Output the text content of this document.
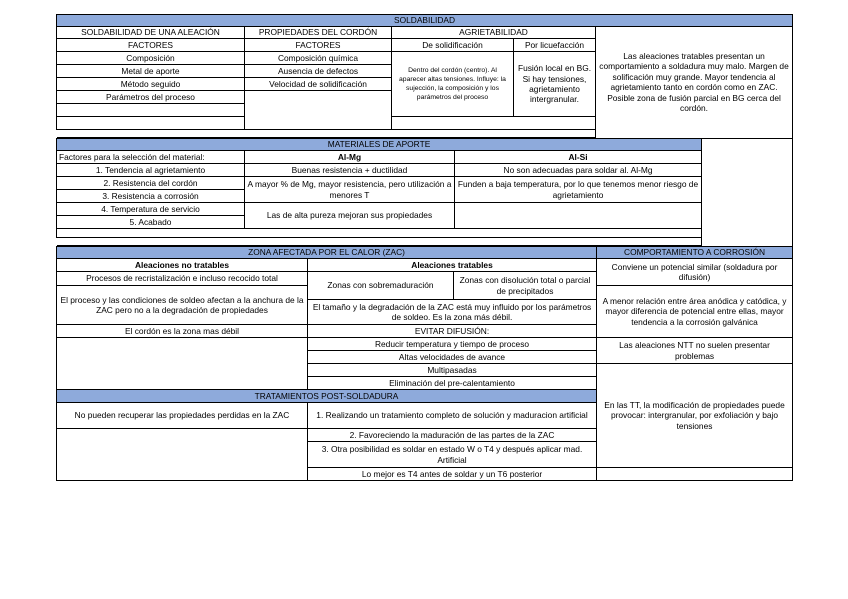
SOLDABILIDAD				
SOLDABILIDAD DE UNA ALEACIÓN	PROPIEDADES DEL CORDÓN	AGRIETABILIDAD		Las aleaciones tratables presentan un comportamiento a soldadura muy malo. Margen de solificación muy grande. Mayor tendencia al agrietamiento tanto en cordón como en ZAC. Posible zona de fusión parcial en BG cerca del cordón.
FACTORES	FACTORES	De solidificación	Por licuefacción	
Composición	Composición química	Dentro del cordón (centro). Al aparecer altas tensiones. Influye: la sujección, la composición y los parámetros del proceso	Fusión local en BG. Si hay tensiones, agrietamiento intergranular.	
Metal de aporte	Ausencia de defectos			
Método seguido	Velocidad de solidificación			
Parámetros del proceso				

MATERIALES DE APORTE			
Factores para la selección del material:	Al-Mg	Al-Si	
1. Tendencia al agrietamiento	Buenas resistencia + ductilidad	No son adecuadas para soldar al. Al-Mg	
2. Resistencia del cordón	A mayor % de Mg, mayor resistencia, pero utilización a menores T	Funden a baja temperatura, por lo que tenemos menor riesgo de agrietamiento	
3. Resistencia a corrosión			
4. Temperatura de servicio	Las de alta pureza mejoran sus propiedades		
5. Acabado			

ZONA AFECTADA POR EL CALOR (ZAC)			COMPORTAMIENTO A CORROSIÓN
Aleaciones no tratables	Aleaciones tratables		Conviene un potencial similar (soldadura por difusión)
Procesos de recristalización e incluso recocido total	Zonas con sobremaduración	Zonas con disolución total o parcial de precipitados	
El proceso y las condiciones de soldeo afectan a la anchura de la ZAC pero no a la degradación de propiedades			A menor relación entre área anódica y catódica, y mayor diferencia de potencial entre ellas, mayor tendencia a la corrosión galvánica
	El tamaño y la degradación de la ZAC está muy influido por los parámetros de soldeo. Es la zona más débil.		

El cordón es la zona mas débil	EVITAR DIFUSIÓN:		
	Reducir temperatura y tiempo de proceso		Las aleaciones NTT no suelen presentar problemas
	Altas velocidades de avance		
	Multipasadas		En las TT, la modificación de propiedades puede provocar: intergranular, por exfoliación y bajo tensiones
	Eliminación del pre-calentamiento		
TRATAMIENTOS POST-SOLDADURA			
No pueden recuperar las propiedades perdidas en la ZAC	1. Realizando un tratamiento completo de solución y maduracion artificial		
	2. Favoreciendo la maduración de las partes de la ZAC		
	3. Otra posibilidad es soldar en estado W o T4 y después aplicar mad. Artificial		
	Lo mejor es T4 antes de soldar y un T6 posterior		
